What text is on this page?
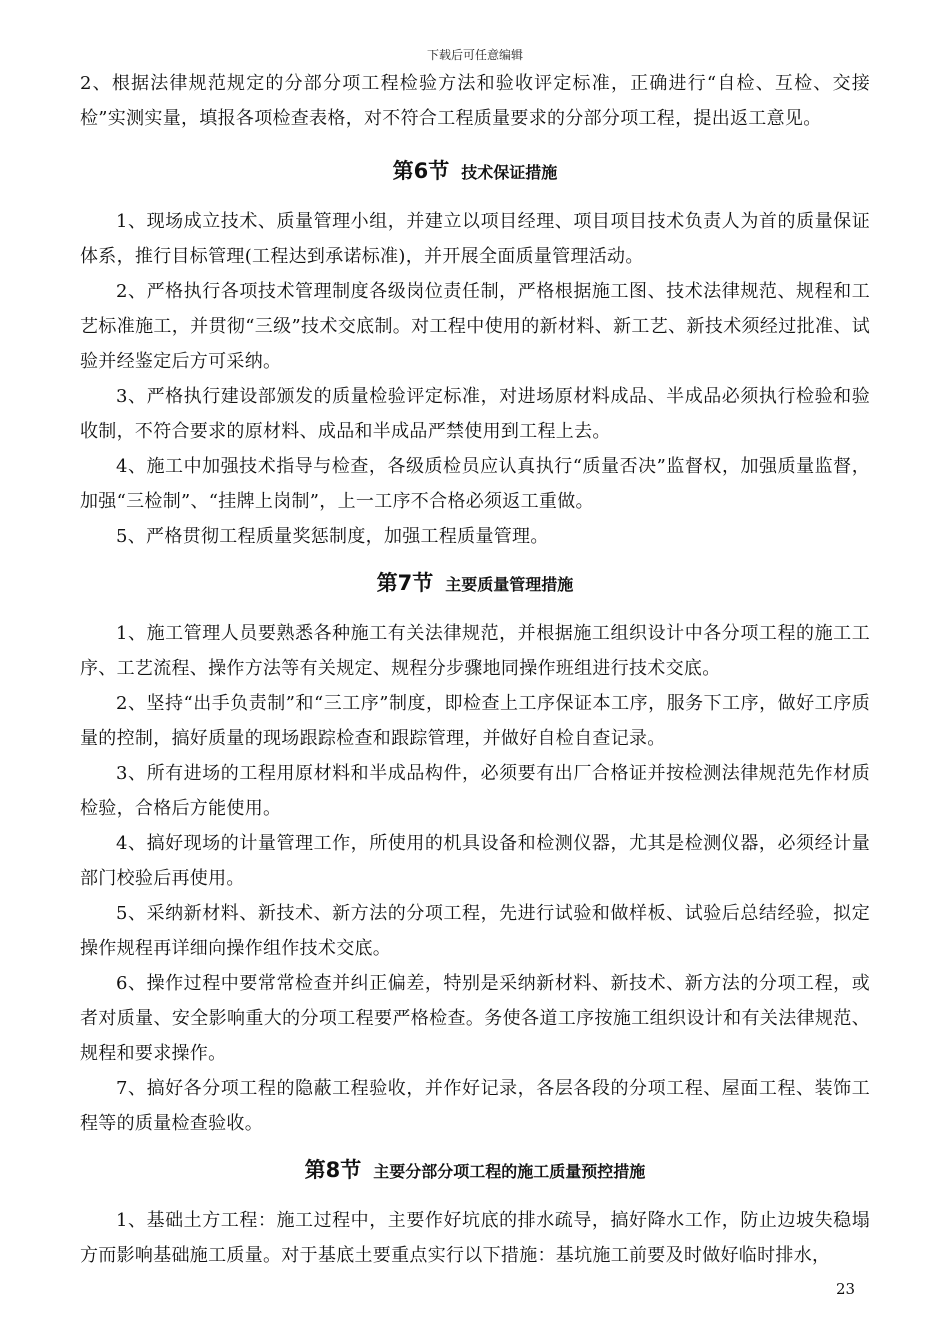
下载后可任意编辑

2、根据法律规范规定的分部分项工程检验方法和验收评定标准，正确进行“自检、互检、交接检”实测实量，填报各项检查表格，对不符合工程质量要求的分部分项工程，提出返工意见。

第6节 技术保证措施

1、现场成立技术、质量管理小组，并建立以项目经理、项目项目技术负责人为首的质量保证体系，推行目标管理(工程达到承诺标准)，并开展全面质量管理活动。

2、严格执行各项技术管理制度各级岗位责任制，严格根据施工图、技术法律规范、规程和工艺标准施工，并贯彻“三级”技术交底制。对工程中使用的新材料、新工艺、新技术须经过批准、试验并经鉴定后方可采纳。

3、严格执行建设部颁发的质量检验评定标准，对进场原材料成品、半成品必须执行检验和验收制，不符合要求的原材料、成品和半成品严禁使用到工程上去。

4、施工中加强技术指导与检查，各级质检员应认真执行“质量否决”监督权，加强质量监督，加强“三检制”、“挂牌上岗制”，上一工序不合格必须返工重做。

5、严格贯彻工程质量奖惩制度，加强工程质量管理。

第7节 主要质量管理措施

1、施工管理人员要熟悉各种施工有关法律规范，并根据施工组织设计中各分项工程的施工工序、工艺流程、操作方法等有关规定、规程分步骤地同操作班组进行技术交底。

2、坚持“出手负责制”和“三工序”制度，即检查上工序保证本工序，服务下工序，做好工序质量的控制，搞好质量的现场跟踪检查和跟踪管理，并做好自检自查记录。

3、所有进场的工程用原材料和半成品构件，必须要有出厂合格证并按检测法律规范先作材质检验，合格后方能使用。

4、搞好现场的计量管理工作，所使用的机具设备和检测仪器，尤其是检测仪器，必须经计量部门校验后再使用。

5、采纳新材料、新技术、新方法的分项工程，先进行试验和做样板、试验后总结经验，拟定操作规程再详细向操作组作技术交底。

6、操作过程中要常常检查并纠正偏差，特别是采纳新材料、新技术、新方法的分项工程，或者对质量、安全影响重大的分项工程要严格检查。务使各道工序按施工组织设计和有关法律规范、规程和要求操作。

7、搞好各分项工程的隐蔽工程验收，并作好记录，各层各段的分项工程、屋面工程、装饰工程等的质量检查验收。

第8节 主要分部分项工程的施工质量预控措施

1、基础土方工程：施工过程中，主要作好坑底的排水疏导，搞好降水工作，防止边坡失稳塌方而影响基础施工质量。对于基底土要重点实行以下措施：基坑施工前要及时做好临时排水，

23
